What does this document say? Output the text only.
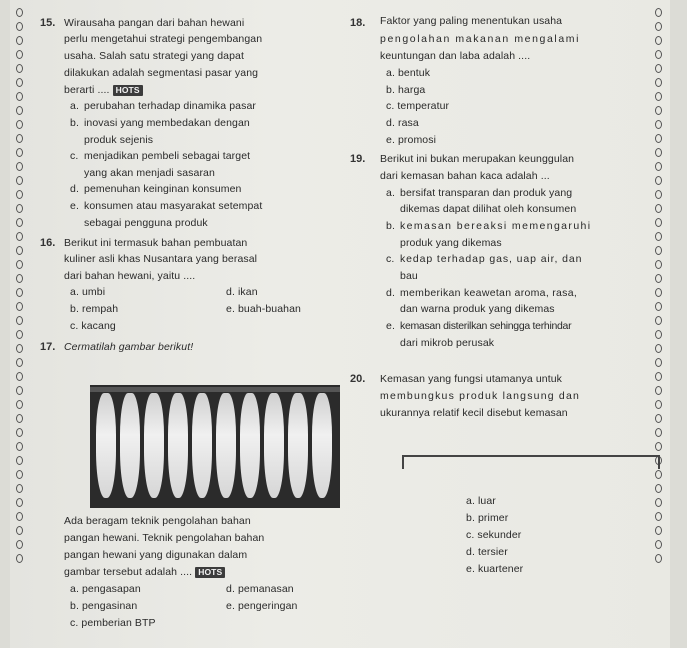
15. Wirausaha pangan dari bahan hewani
perlu mengetahui strategi pengembangan
usaha. Salah satu strategi yang dapat
dilakukan adalah segmentasi pasar yang
berarti .... HOTS
a. perubahan terhadap dinamika pasar
b. inovasi yang membedakan dengan
produk sejenis
c. menjadikan pembeli sebagai target
yang akan menjadi sasaran
d. pemenuhan keinginan konsumen
e. konsumen atau masyarakat setempat
sebagai pengguna produk
16. Berikut ini termasuk bahan pembuatan
kuliner asli khas Nusantara yang berasal
dari bahan hewani, yaitu ....
a. umbi
b. rempah
c. kacang
d. ikan
e. buah-buahan
17. Cermatilah gambar berikut!
Ada beragam teknik pengolahan bahan
pangan hewani. Teknik pengolahan bahan
pangan hewani yang digunakan dalam
gambar tersebut adalah .... HOTS
a. pengasapan
b. pengasinan
c. pemberian BTP
d. pemanasan
e. pengeringan
18. Faktor yang paling menentukan usaha
pengolahan makanan mengalami
keuntungan dan laba adalah ....
a. bentuk
b. harga
c. temperatur
d. rasa
e. promosi
19. Berikut ini bukan merupakan keunggulan
dari kemasan bahan kaca adalah ...
a. bersifat transparan dan produk yang
dikemas dapat dilihat oleh konsumen
b. kemasan bereaksi memengaruhi
produk yang dikemas
c. kedap terhadap gas, uap air, dan
bau
d. memberikan keawetan aroma, rasa,
dan warna produk yang dikemas
e. kemasan disterilkan sehingga terhindar
dari mikrob perusak
20. Kemasan yang fungsi utamanya untuk
membungkus produk langsung dan
ukurannya relatif kecil disebut kemasan
a. luar
b. primer
c. sekunder
d. tersier
e. kuartener
